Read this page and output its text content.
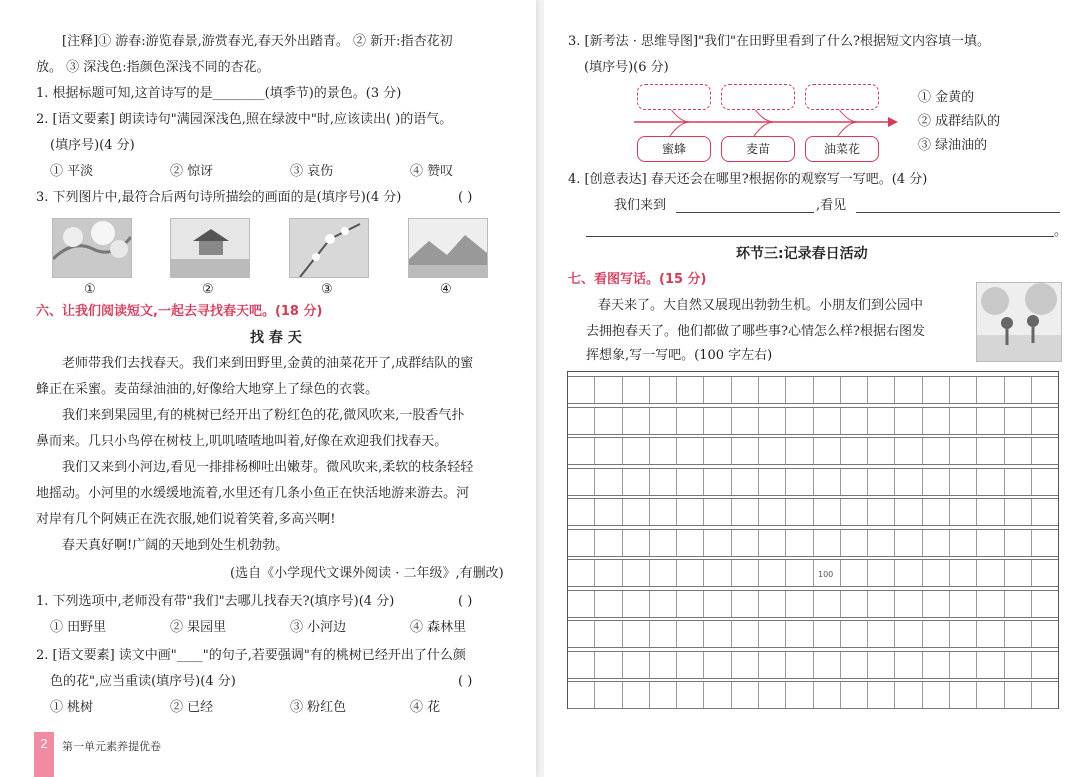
[注释]① 游春:游览春景,游赏春光,春天外出踏青。 ② 新开:指杏花初
放。 ③ 深浅色:指颜色深浅不同的杏花。
1. 根据标题可知,这首诗写的是________(填季节)的景色。(3 分)
2. [语文要素] 朗读诗句"满园深浅色,照在绿波中"时,应该读出( )的语气。
(填序号)(4 分)
① 平淡	② 惊讶	③ 哀伤	④ 赞叹
3. 下列图片中,最符合后两句诗所描绘的画面的是(填序号)(4 分)	( )
①	②	③	④
六、让我们阅读短文,一起去寻找春天吧。(18 分)
找 春 天
老师带我们去找春天。我们来到田野里,金黄的油菜花开了,成群结队的蜜
蜂正在采蜜。麦苗绿油油的,好像给大地穿上了绿色的衣裳。
我们来到果园里,有的桃树已经开出了粉红色的花,微风吹来,一股香气扑
鼻而来。几只小鸟停在树枝上,叽叽喳喳地叫着,好像在欢迎我们找春天。
我们又来到小河边,看见一排排杨柳吐出嫩芽。微风吹来,柔软的枝条轻轻
地摇动。小河里的水缓缓地流着,水里还有几条小鱼正在快活地游来游去。河
对岸有几个阿姨正在洗衣服,她们说着笑着,多高兴啊!
春天真好啊!广阔的天地到处生机勃勃。
(选自《小学现代文课外阅读 · 二年级》,有删改)
1. 下列选项中,老师没有带"我们"去哪儿找春天?(填序号)(4 分)	( )
① 田野里	② 果园里	③ 小河边	④ 森林里
2. [语文要素] 读文中画"____"的句子,若要强调"有的桃树已经开出了什么颜
色的花",应当重读(填序号)(4 分)	( )
① 桃树	② 已经	③ 粉红色	④ 花
2	第一单元素养提优卷
3. [新考法 · 思维导图]"我们"在田野里看到了什么?根据短文内容填一填。
(填序号)(6 分)
蜜蜂	麦苗	油菜花
① 金黄的
② 成群结队的
③ 绿油油的
4. [创意表达] 春天还会在哪里?根据你的观察写一写吧。(4 分)
我们来到	,看见
。
环节三:记录春日活动
七、看图写话。(15 分)
春天来了。大自然又展现出勃勃生机。小朋友们到公园中
去拥抱春天了。他们都做了哪些事?心情怎么样?根据右图发
挥想象,写一写吧。(100 字左右)
100
